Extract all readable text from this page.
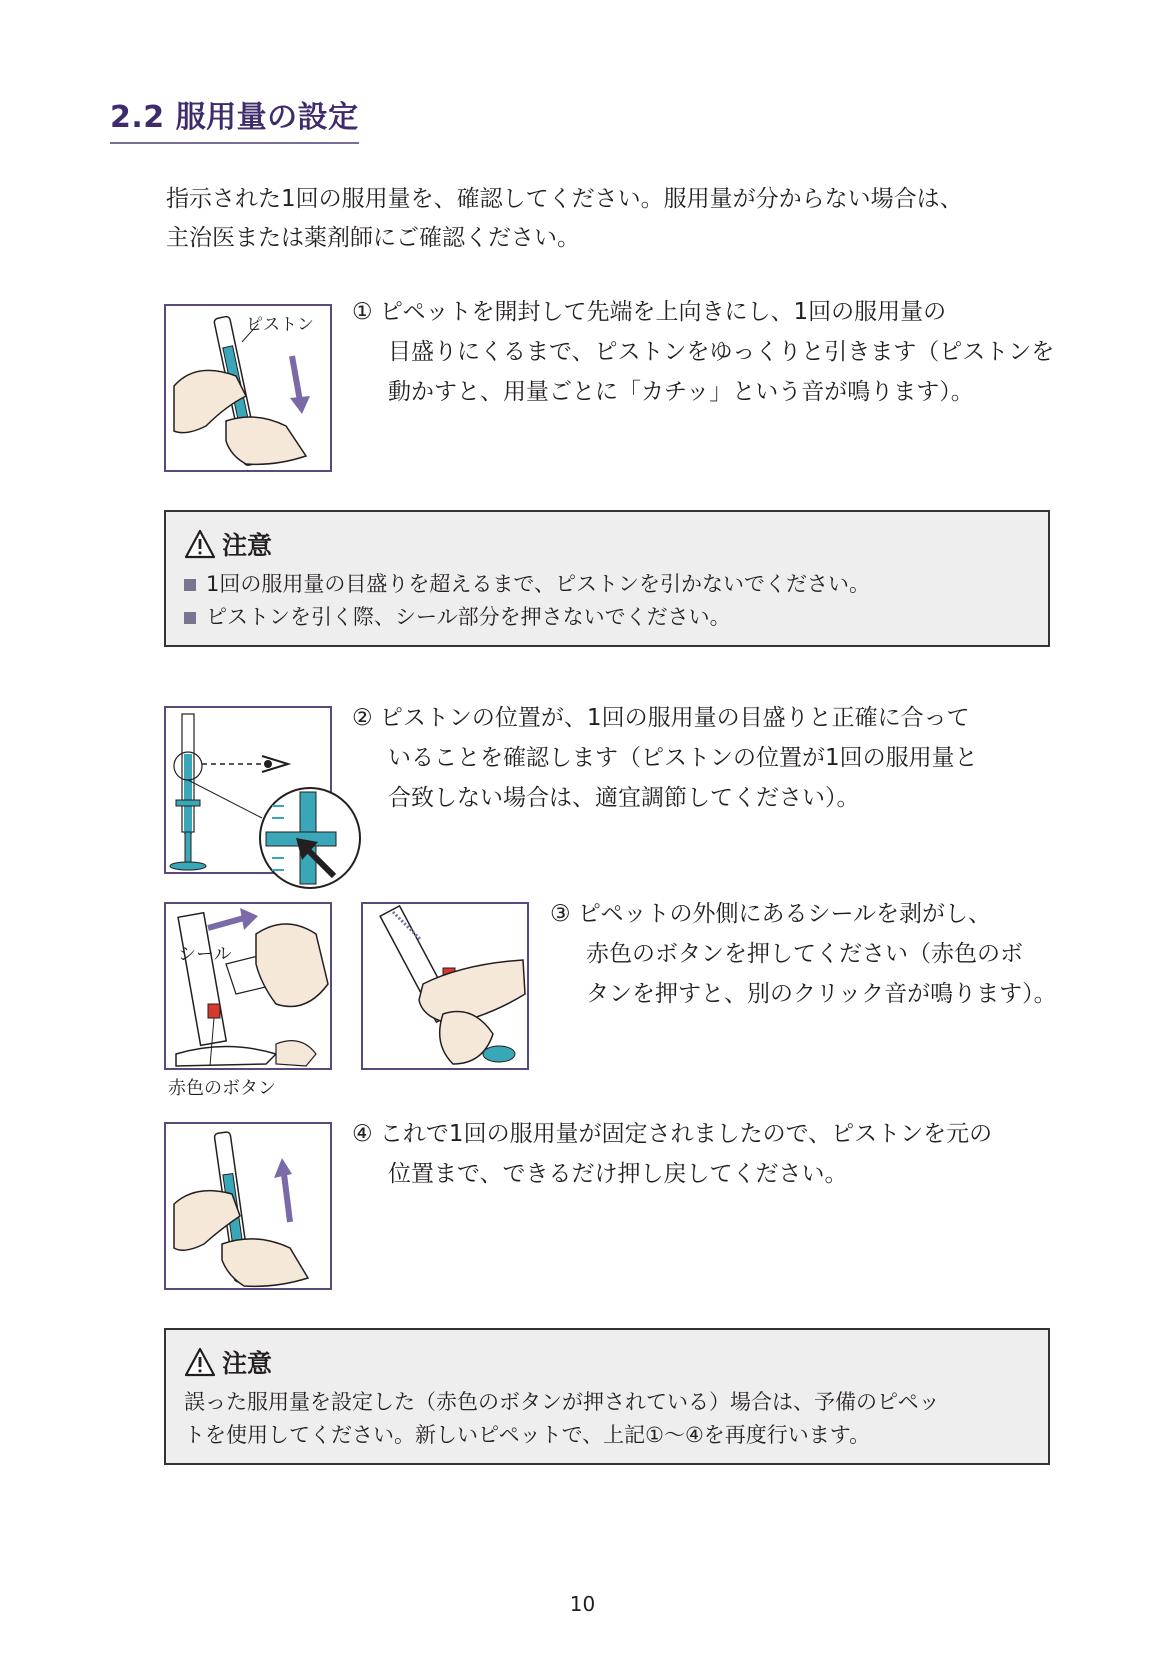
2.2 服用量の設定
指示された1回の服用量を、確認してください。服用量が分からない場合は、
主治医または薬剤師にご確認ください。
ピストン ① ピペットを開封して先端を上向きにし、1回の服用量の
目盛りにくるまで、ピストンをゆっくりと引きます（ピストンを
動かすと、用量ごとに「カチッ」という音が鳴ります）。
注意
1回の服用量の目盛りを超えるまで、ピストンを引かないでください。
ピストンを引く際、シール部分を押さないでください。
② ピストンの位置が、1回の服用量の目盛りと正確に合って
いることを確認します（ピストンの位置が1回の服用量と
合致しない場合は、適宜調節してください）。
シール
赤色のボタン
③ ピペットの外側にあるシールを剥がし、
赤色のボタンを押してください（赤色のボ
タンを押すと、別のクリック音が鳴ります）。
④ これで1回の服用量が固定されましたので、ピストンを元の
位置まで、できるだけ押し戻してください。
注意
誤った服用量を設定した（赤色のボタンが押されている）場合は、予備のピペッ
トを使用してください。新しいピペットで、上記①～④を再度行います。
10
